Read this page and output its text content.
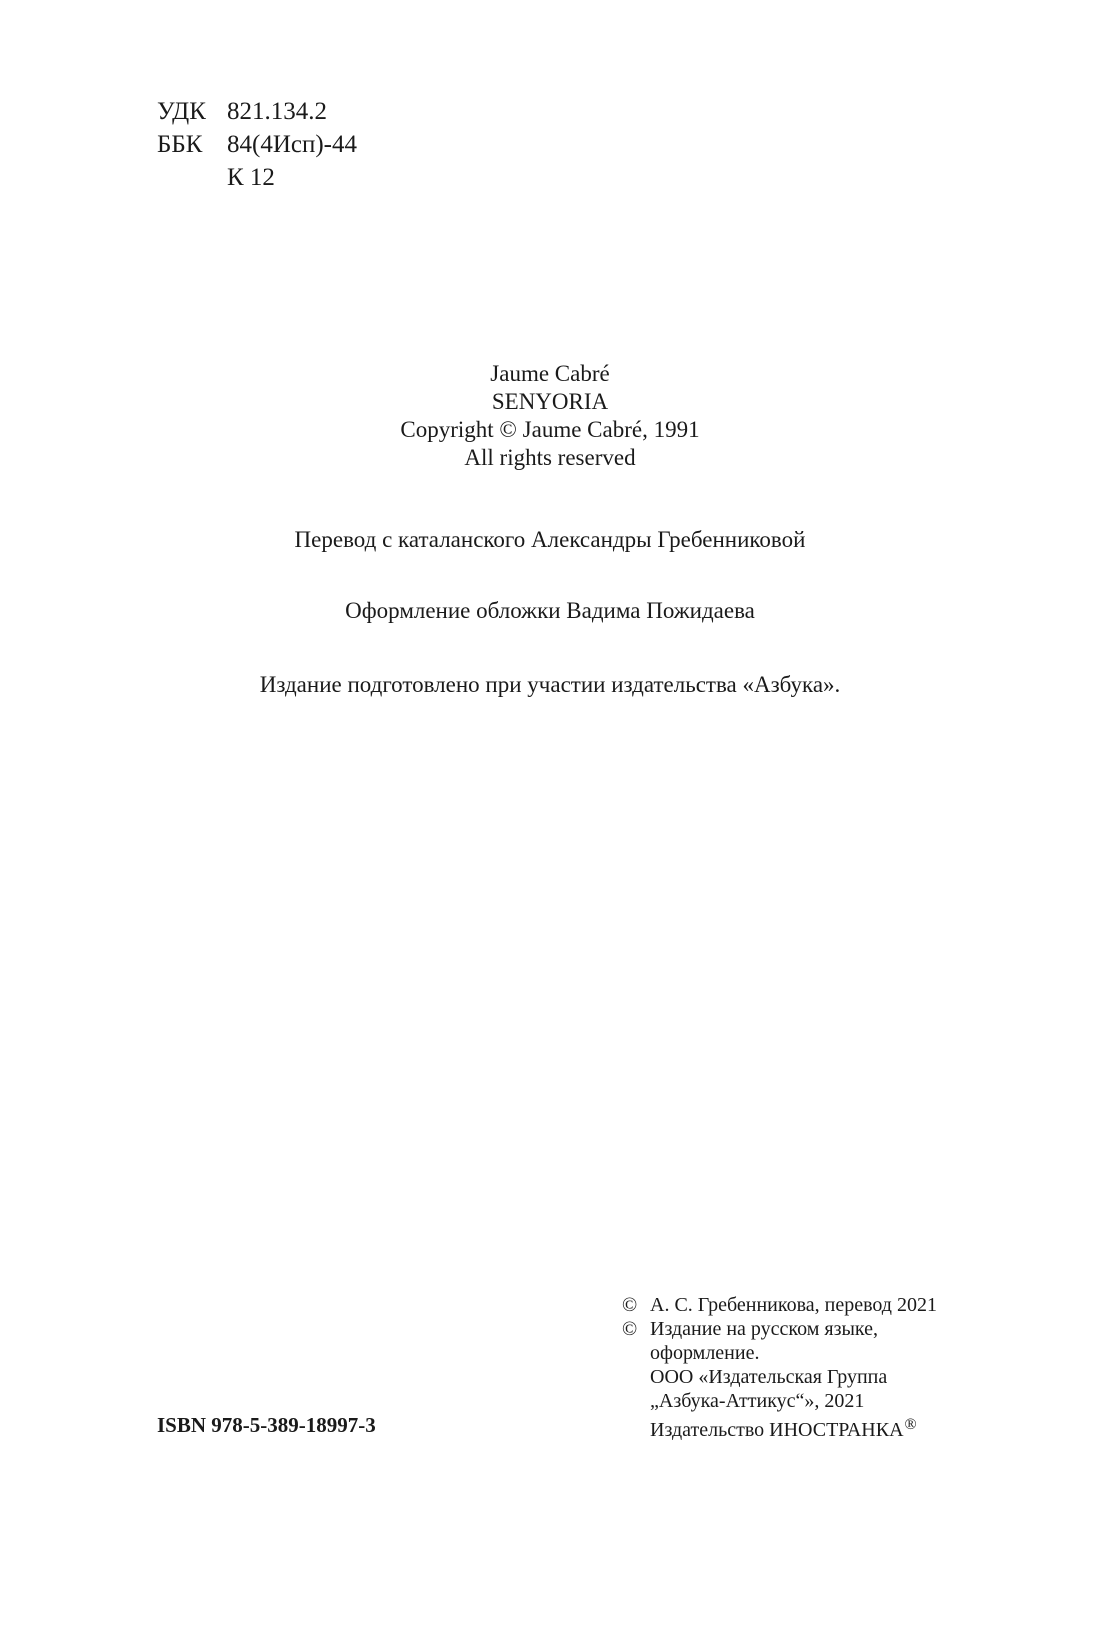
УДК 821.134.2
ББК 84(4Исп)-44
К 12
Jaume Cabré
SENYORIA
Copyright © Jaume Cabré, 1991
All rights reserved
Перевод с каталанского Александры Гребенниковой
Оформление обложки Вадима Пожидаева
Издание подготовлено при участии издательства «Азбука».
ISBN 978-5-389-18997-3
© А. С. Гребенникова, перевод 2021
© Издание на русском языке,
оформление.
ООО «Издательская Группа
„Азбука-Аттикус“», 2021
Издательство ИНОСТРАНКА®
